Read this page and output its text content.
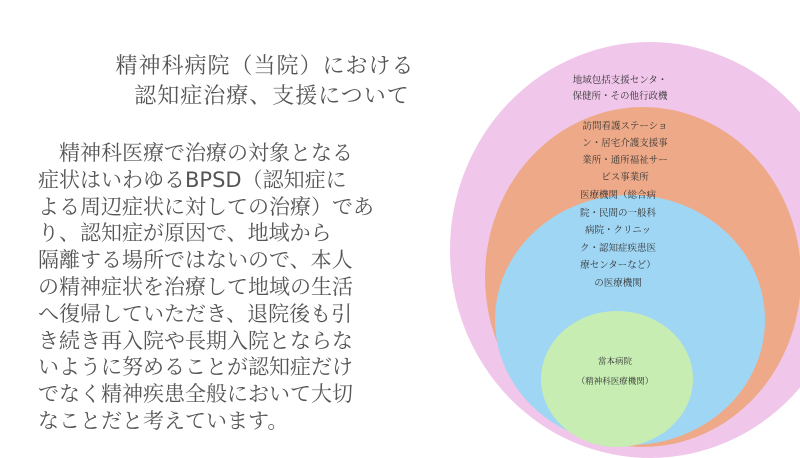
精神科病院（当院）における
認知症治療、支援について
精神科医療で治療の対象となる
症状はいわゆるBPSD（認知症に
よる周辺症状に対しての治療）であ
り、認知症が原因で、地域から
隔離する場所ではないので、本人
の精神症状を治療して地域の生活
へ復帰していただき、退院後も引
き続き再入院や長期入院とならな
いように努めることが認知症だけ
でなく精神疾患全般において大切
なことだと考えています。
地域包括支援センタ・
保健所・その他行政機
訪問看護ステーショ
ン・居宅介護支援事
業所・通所福祉サー
ビス事業所
医療機関（総合病
院・民間の一般科
病院・クリニッ
ク・認知症疾患医
療センターなど）
の医療機関
當本病院
（精神科医療機関）
